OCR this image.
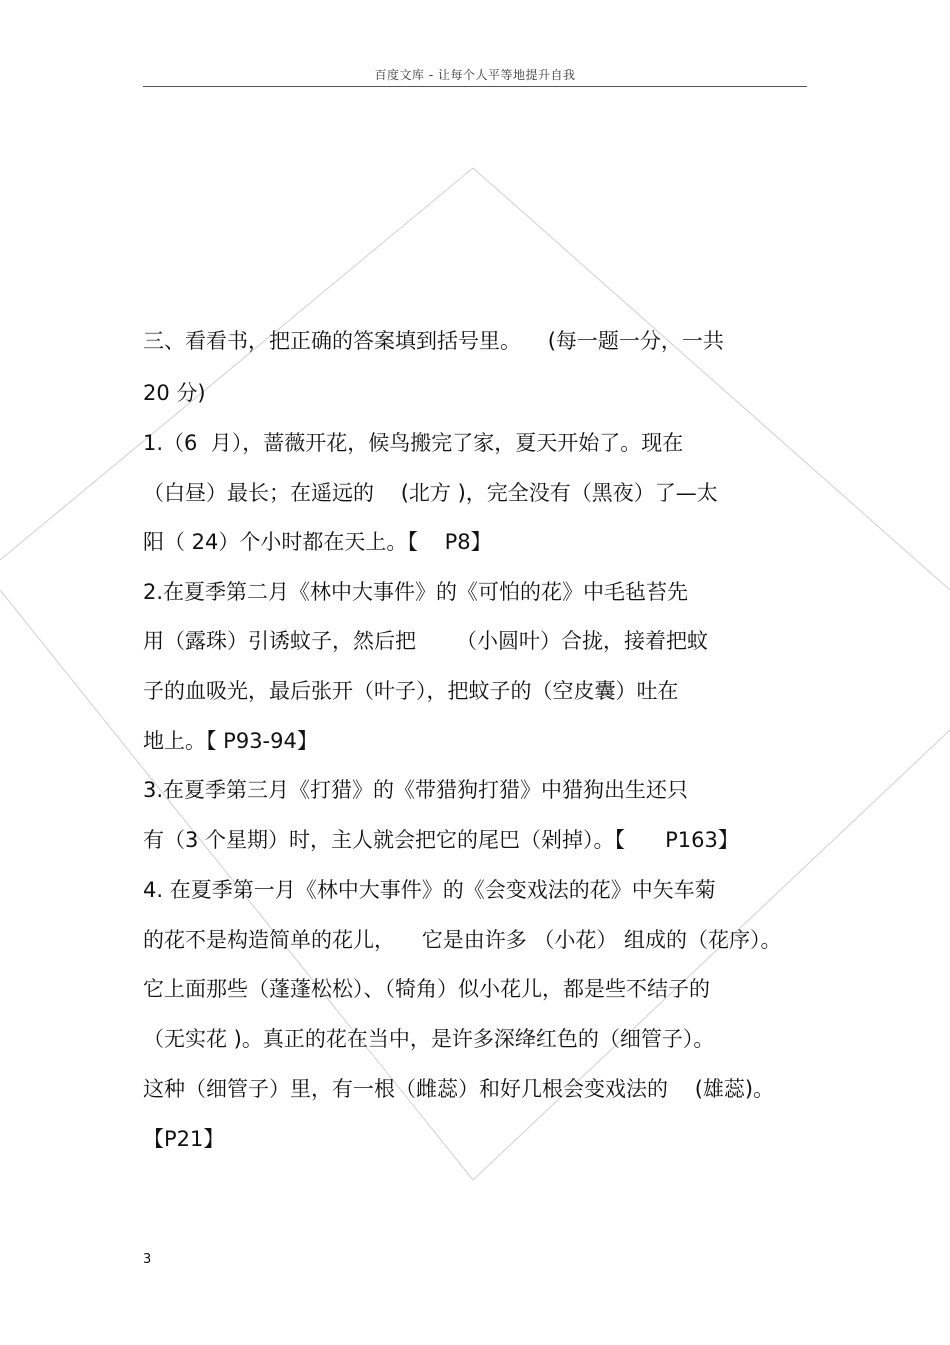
百度文库 - 让每个人平等地提升自我
三、看看书，把正确的答案填到括号里。    (每一题一分，一共
20 分)
1.（6  月），蔷薇开花，候鸟搬完了家，夏天开始了。现在
（白昼）最长；在遥远的    (北方 )，完全没有（黑夜）了—太
阳（ 24）个小时都在天上。【    P8】
2.在夏季第二月《林中大事件》的《可怕的花》中毛毡苔先
用（露珠）引诱蚊子，然后把      （小圆叶）合拢，接着把蚊
子的血吸光，最后张开（叶子），把蚊子的（空皮囊）吐在
地上。【 P93-94】
3.在夏季第三月《打猎》的《带猎狗打猎》中猎狗出生还只
有（3 个星期）时，主人就会把它的尾巴（剁掉）。【      P163】
4. 在夏季第一月《林中大事件》的《会变戏法的花》中矢车菊
的花不是构造简单的花儿，    它是由许多 （小花） 组成的（花序）。
它上面那些（蓬蓬松松）、（犄角）似小花儿，都是些不结子的
（无实花 )。真正的花在当中，是许多深绛红色的（细管子）。
这种（细管子）里，有一根（雌蕊）和好几根会变戏法的    (雄蕊)。
【P21】
3
